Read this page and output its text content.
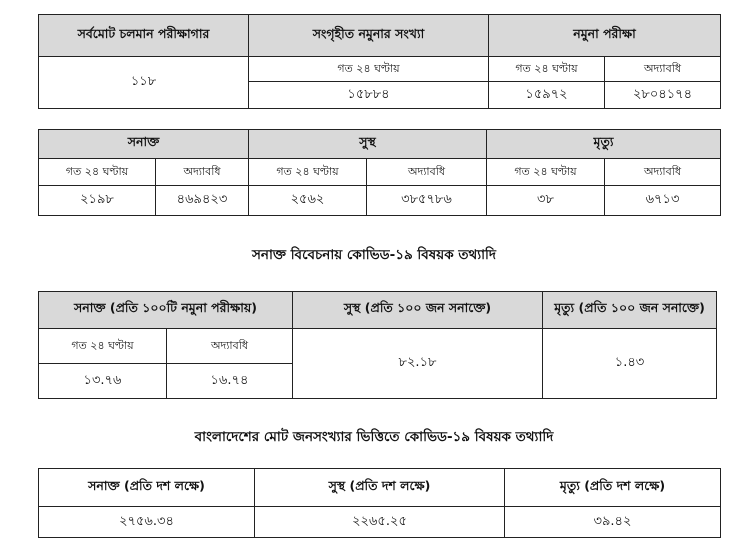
সর্বমোট চলমান পরীক্ষাগার	সংগৃহীত নমুনার সংখ্যা	নমুনা পরীক্ষা	
১১৮	গত ২৪ ঘণ্টায়	গত ২৪ ঘণ্টায়	অদ্যাবধি
	১৫৮৮৪	১৫৯৭২	২৮০৪১৭৪
সনাক্ত		সুস্থ		মৃত্যু	
গত ২৪ ঘণ্টায়	অদ্যাবধি	গত ২৪ ঘণ্টায়	অদ্যাবধি	গত ২৪ ঘণ্টায়	অদ্যাবধি
২১৯৮	৪৬৯৪২৩	২৫৬২	৩৮৫৭৮৬	৩৮	৬৭১৩
সনাক্ত বিবেচনায় কোভিড-১৯ বিষয়ক তথ্যাদি
সনাক্ত (প্রতি ১০০টি নমুনা পরীক্ষায়)		সুস্থ (প্রতি ১০০ জন সনাক্তে)	মৃত্যু (প্রতি ১০০ জন সনাক্তে)
গত ২৪ ঘণ্টায়	অদ্যাবধি	৮২.১৮	১.৪৩
১৩.৭৬	১৬.৭৪		
বাংলাদেশের মোট জনসংখ্যার ভিত্তিতে কোভিড-১৯ বিষয়ক তথ্যাদি
সনাক্ত (প্রতি দশ লক্ষে)	সুস্থ (প্রতি দশ লক্ষে)	মৃত্যু (প্রতি দশ লক্ষে)
২৭৫৬.৩৪	২২৬৫.২৫	৩৯.৪২
